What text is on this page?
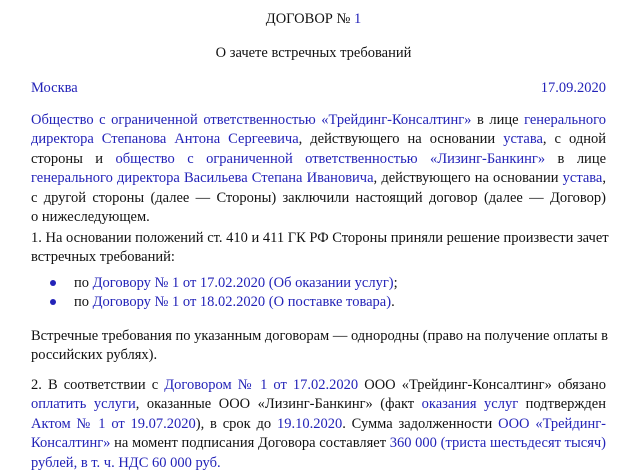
ДОГОВОР № 1
О зачете встречных требований
Москва	17.09.2020
Общество с ограниченной ответственностью «Трейдинг-Консалтинг» в лице генерального
директора Степанова Антона Сергеевича, действующего на основании устава, с одной
стороны и общество с ограниченной ответственностью «Лизинг-Банкинг» в лице
генерального директора Васильева Степана Ивановича, действующего на основании устава,
с другой стороны (далее — Стороны) заключили настоящий договор (далее — Договор)
о нижеследующем.
1. На основании положений ст. 410 и 411 ГК РФ Стороны приняли решение произвести зачет
встречных требований:
по Договору № 1 от 17.02.2020 (Об оказании услуг);
по Договору № 1 от 18.02.2020 (О поставке товара).
Встречные требования по указанным договорам — однородны (право на получение оплаты в
российских рублях).
2. В соответствии с Договором № 1 от 17.02.2020 ООО «Трейдинг-Консалтинг» обязано
оплатить услуги, оказанные ООО «Лизинг-Банкинг» (факт оказания услуг подтвержден
Актом № 1 от 19.07.2020), в срок до 19.10.2020. Сумма задолженности ООО «Трейдинг-
Консалтинг» на момент подписания Договора составляет 360 000 (триста шестьдесят тысяч)
рублей, в т. ч. НДС 60 000 руб.
